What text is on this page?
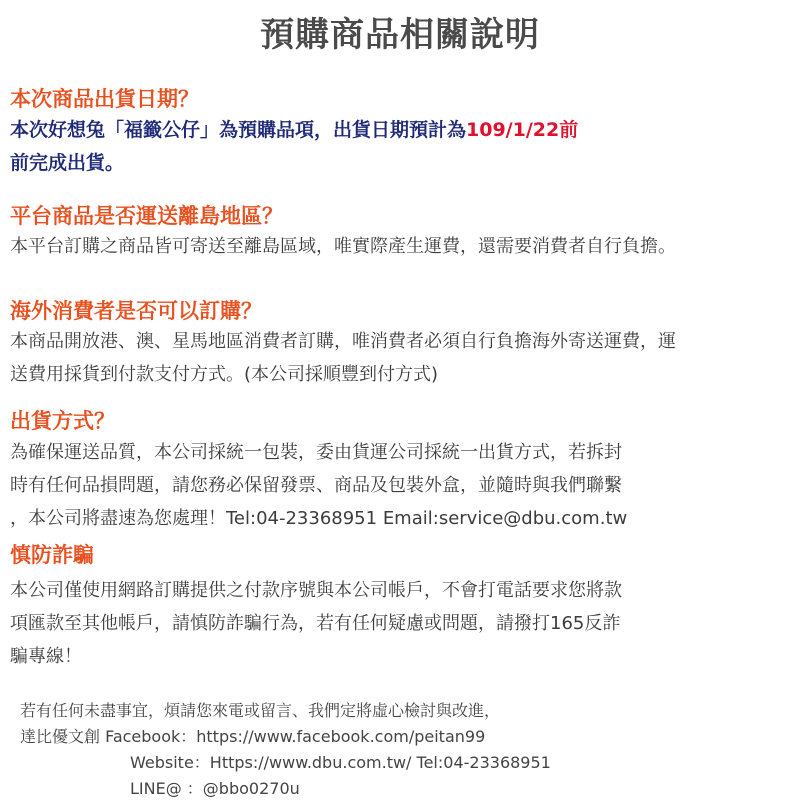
預購商品相關說明
本次商品出貨日期？
本次好想兔「福籤公仔」為預購品項，出貨日期預計為109/1/22前
前完成出貨。
平台商品是否運送離島地區？
本平台訂購之商品皆可寄送至離島區域，唯實際產生運費，還需要消費者自行負擔。
海外消費者是否可以訂購？
本商品開放港、澳、星馬地區消費者訂購，唯消費者必須自行負擔海外寄送運費，運
送費用採貨到付款支付方式。(本公司採順豐到付方式)
出貨方式？
為確保運送品質，本公司採統一包裝，委由貨運公司採統一出貨方式，若拆封
時有任何品損問題，請您務必保留發票、商品及包裝外盒，並隨時與我們聯繫
，本公司將盡速為您處理！Tel:04-23368951 Email:service@dbu.com.tw
慎防詐騙
本公司僅使用網路訂購提供之付款序號與本公司帳戶，不會打電話要求您將款
項匯款至其他帳戶，請慎防詐騙行為，若有任何疑慮或問題，請撥打165反詐
騙專線！
若有任何未盡事宜，煩請您來電或留言、我們定將虛心檢討與改進，
達比優文創 Facebook：https://www.facebook.com/peitan99
Website：Https://www.dbu.com.tw/ Tel:04-23368951
LINE@ ：@bbo0270u
